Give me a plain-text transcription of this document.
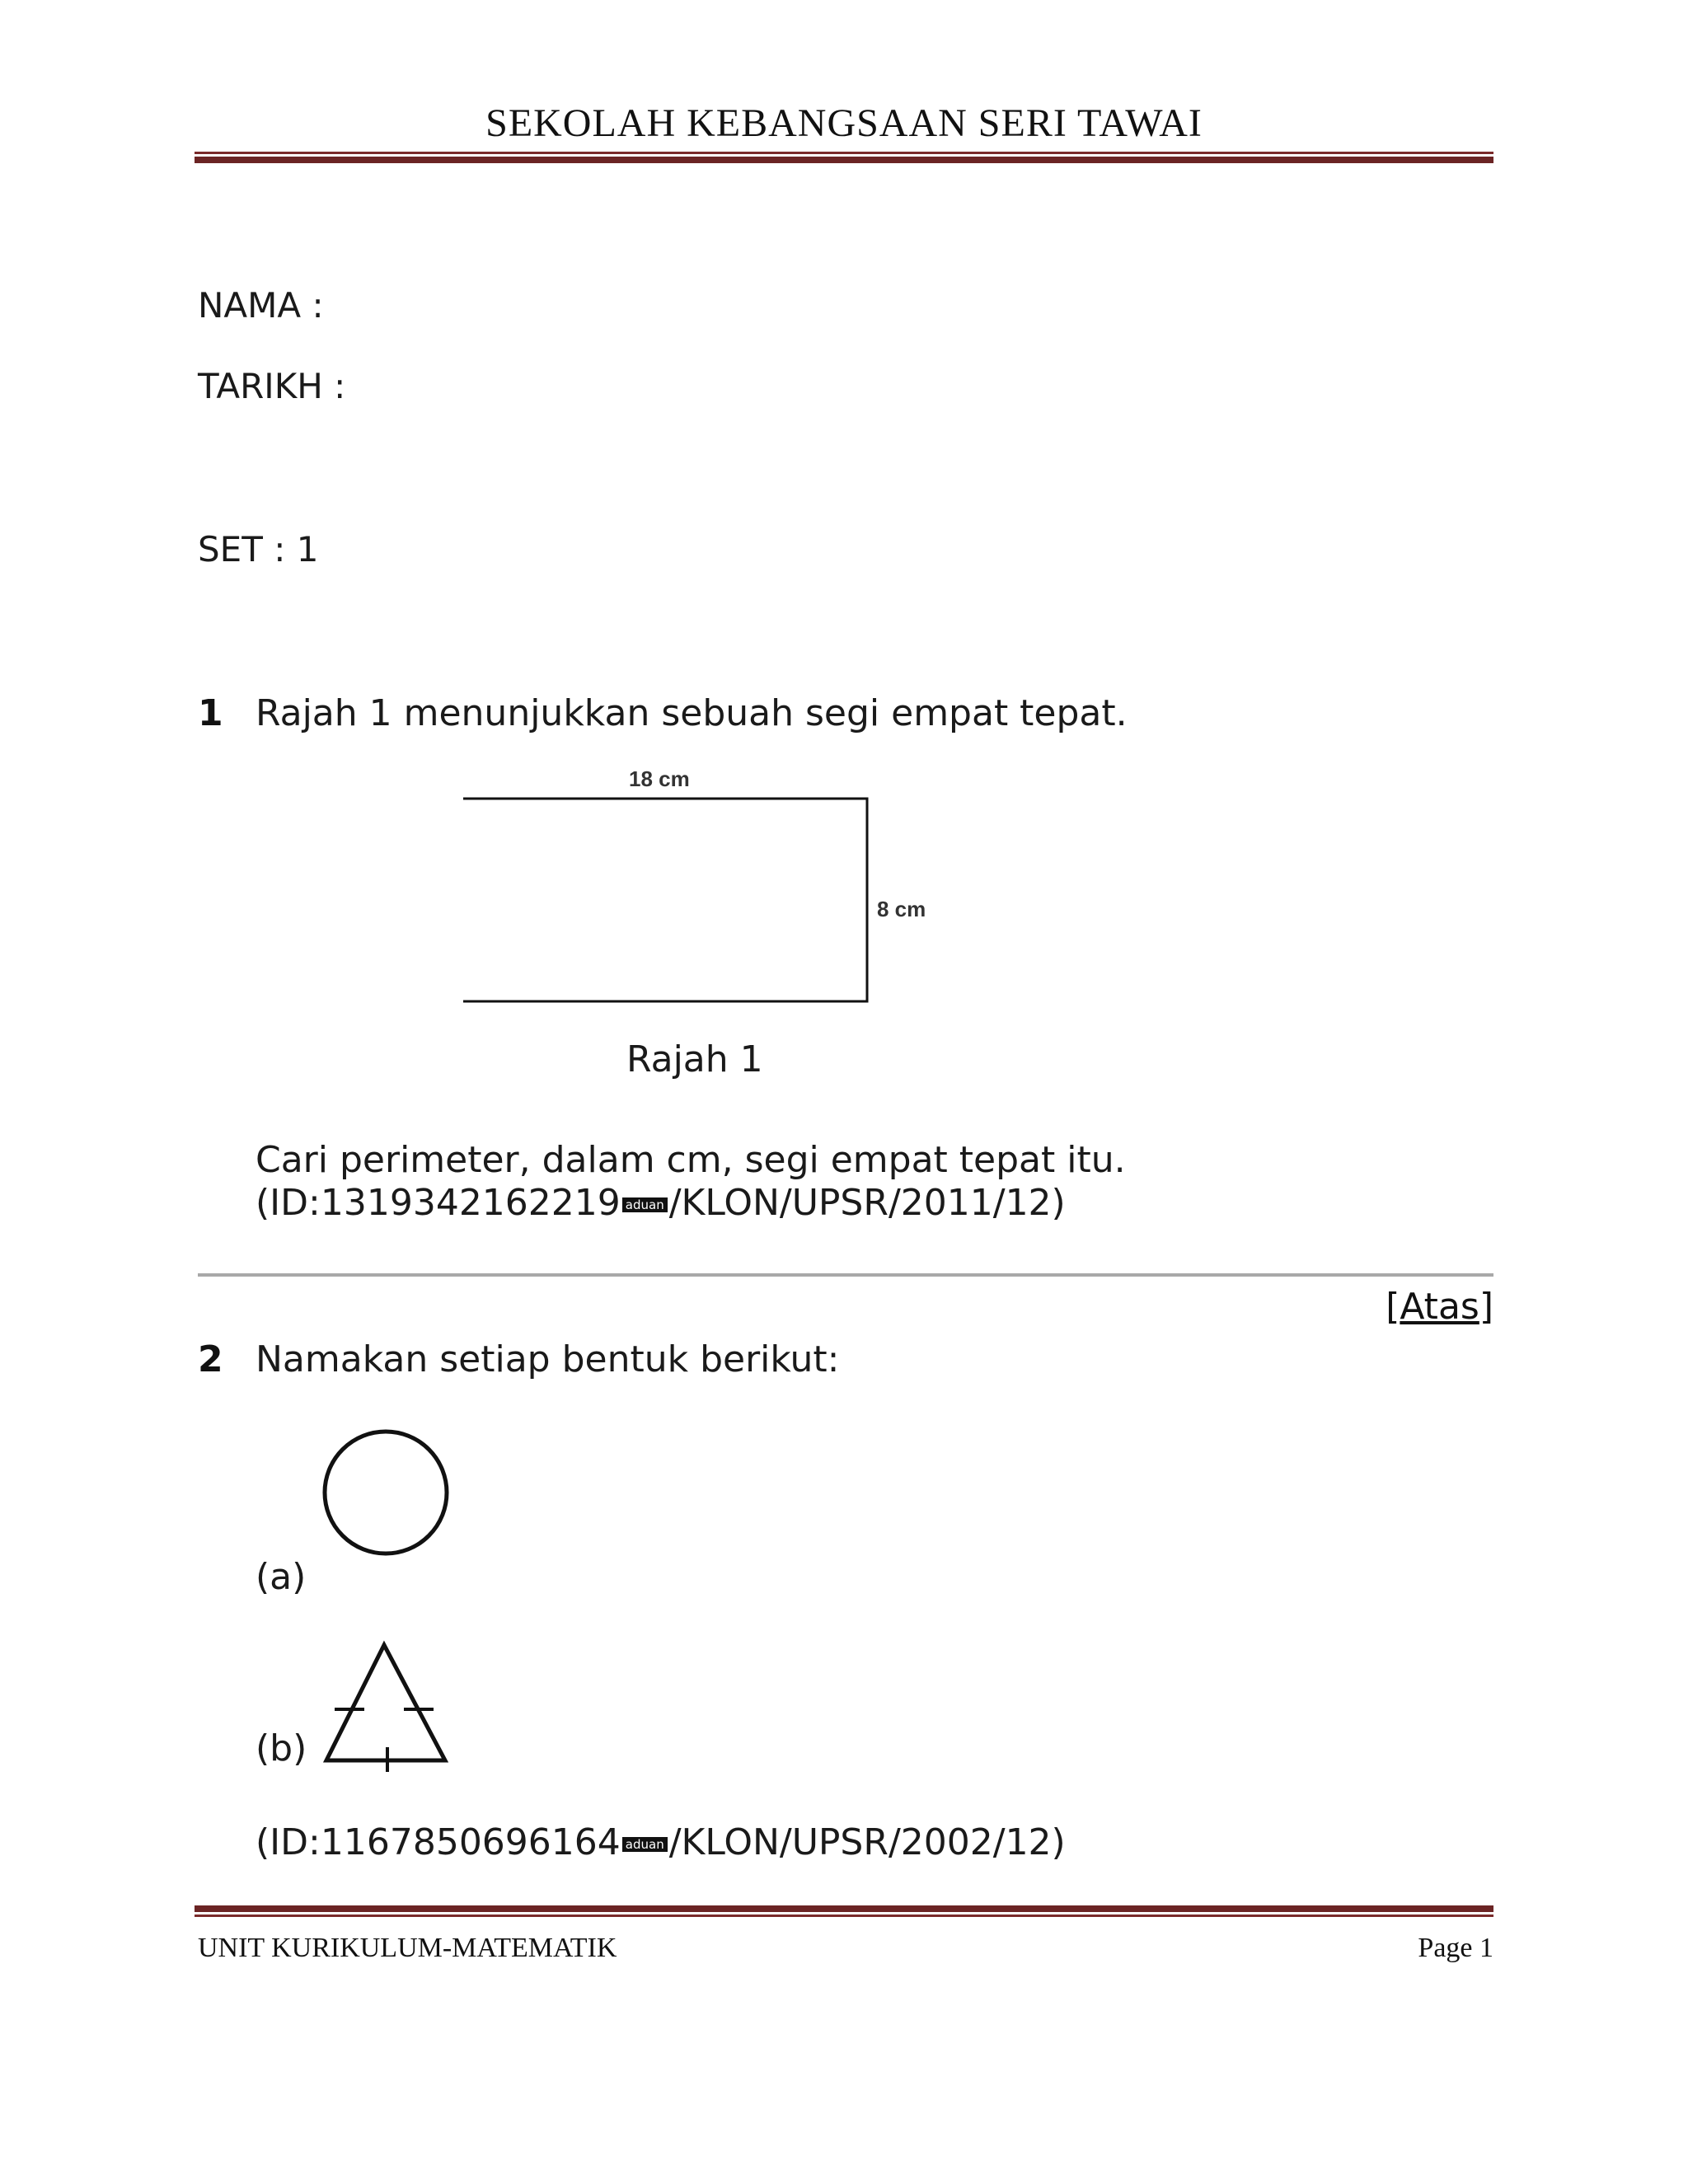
SEKOLAH KEBANGSAAN SERI TAWAI
NAMA :
TARIKH :
SET : 1
1 Rajah 1 menunjukkan sebuah segi empat tepat.
18 cm
8 cm
Rajah 1
Cari perimeter, dalam cm, segi empat tepat itu.
(ID:1319342162219 aduan /KLON/UPSR/2011/12)
[Atas]
2 Namakan setiap bentuk berikut:
(a)
(b)
(ID:1167850696164 aduan /KLON/UPSR/2002/12)
UNIT KURIKULUM-MATEMATIK	Page 1
